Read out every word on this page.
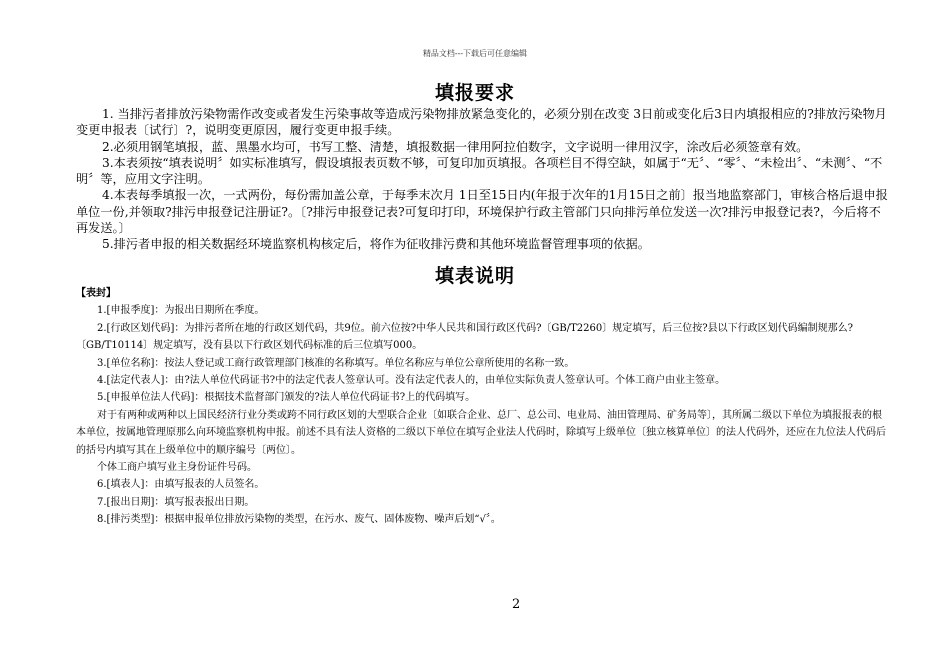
精品文档---下载后可任意编辑
填报要求

1. 当排污者排放污染物需作改变或者发生污染事故等造成污染物排放紧急变化的，必须分别在改变 3日前或变化后3日内填报相应的?排放污染物月变更申报表〔试行〕?，说明变更原因，履行变更申报手续。

2.必须用钢笔填报，蓝、黑墨水均可，书写工整、清楚，填报数据一律用阿拉伯数字，文字说明一律用汉字，涂改后必须签章有效。

3.本表须按“填表说明〞如实标准填写，假设填报表页数不够，可复印加页填报。各项栏目不得空缺，如属于“无〞、“零〞、“未检出〞、“未测〞、“不明〞等，应用文字注明。

4.本表每季填报一次，一式两份，每份需加盖公章，于每季末次月 1日至15日内(年报于次年的1月15日之前〕报当地监察部门，审核合格后退申报单位一份,并领取?排污申报登记注册证?。〔?排污申报登记表?可复印打印，环境保护行政主管部门只向排污单位发送一次?排污申报登记表?，今后将不再发送。〕

5.排污者申报的相关数据经环境监察机构核定后，将作为征收排污费和其他环境监督管理事项的依据。

填表说明

【表封】

1.[申报季度]：为报出日期所在季度。

2.[行政区划代码]：为排污者所在地的行政区划代码，共9位。前六位按?中华人民共和国行政区代码?〔GB/T2260〕规定填写，后三位按?县以下行政区划代码编制规那么?〔GB/T10114〕规定填写，没有县以下行政区划代码标准的后三位填写000。

3.[单位名称]：按法人登记或工商行政管理部门核准的名称填写。单位名称应与单位公章所使用的名称一致。

4.[法定代表人]：由?法人单位代码证书?中的法定代表人签章认可。没有法定代表人的，由单位实际负责人签章认可。个体工商户由业主签章。

5.[申报单位法人代码]：根据技术监督部门颁发的?法人单位代码证书?上的代码填写。

对于有两种或两种以上国民经济行业分类或跨不同行政区划的大型联合企业〔如联合企业、总厂、总公司、电业局、油田管理局、矿务局等〕，其所属二级以下单位为填报报表的根本单位，按属地管理原那么向环境监察机构申报。前述不具有法人资格的二级以下单位在填写企业法人代码时，除填写上级单位〔独立核算单位〕的法人代码外，还应在九位法人代码后的括号内填写其在上级单位中的顺序编号〔两位〕。

个体工商户填写业主身份证件号码。

6.[填表人]：由填写报表的人员签名。

7.[报出日期]：填写报表报出日期。

8.[排污类型]：根据申报单位排放污染物的类型，在污水、废气、固体废物、噪声后划“√〞。

2
